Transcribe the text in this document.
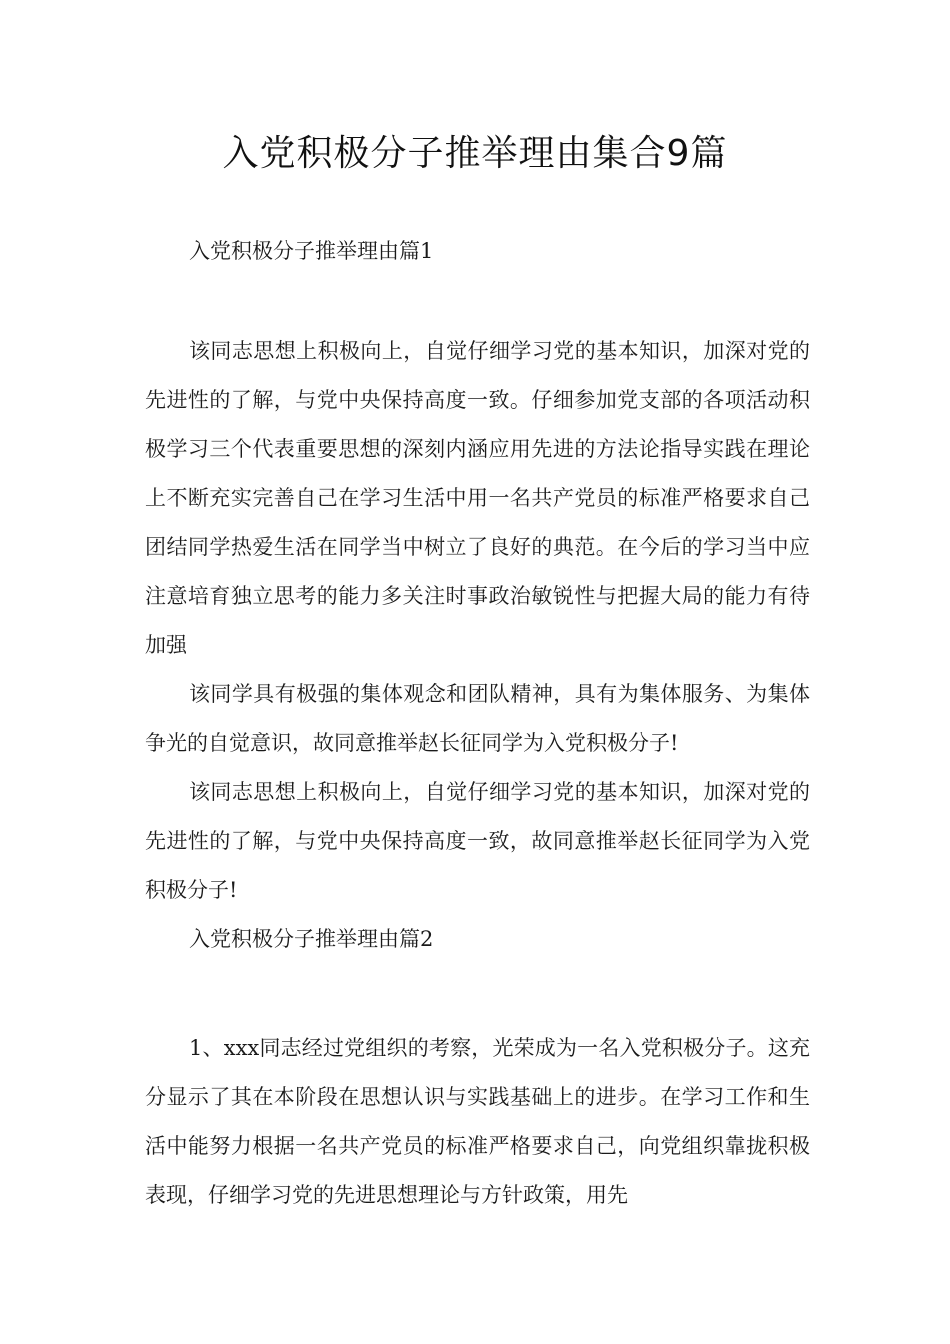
入党积极分子推举理由集合9篇

入党积极分子推举理由篇1

该同志思想上积极向上，自觉仔细学习党的基本知识，加深对党的先进性的了解，与党中央保持高度一致。仔细参加党支部的各项活动积极学习三个代表重要思想的深刻内涵应用先进的方法论指导实践在理论上不断充实完善自己在学习生活中用一名共产党员的标准严格要求自己团结同学热爱生活在同学当中树立了良好的典范。在今后的学习当中应注意培育独立思考的能力多关注时事政治敏锐性与把握大局的能力有待加强

该同学具有极强的集体观念和团队精神，具有为集体服务、为集体争光的自觉意识，故同意推举赵长征同学为入党积极分子!

该同志思想上积极向上，自觉仔细学习党的基本知识，加深对党的先进性的了解，与党中央保持高度一致，故同意推举赵长征同学为入党积极分子!

入党积极分子推举理由篇2

1、xxx同志经过党组织的考察，光荣成为一名入党积极分子。这充分显示了其在本阶段在思想认识与实践基础上的进步。在学习工作和生活中能努力根据一名共产党员的标准严格要求自己，向党组织靠拢积极表现，仔细学习党的先进思想理论与方针政策，用先
